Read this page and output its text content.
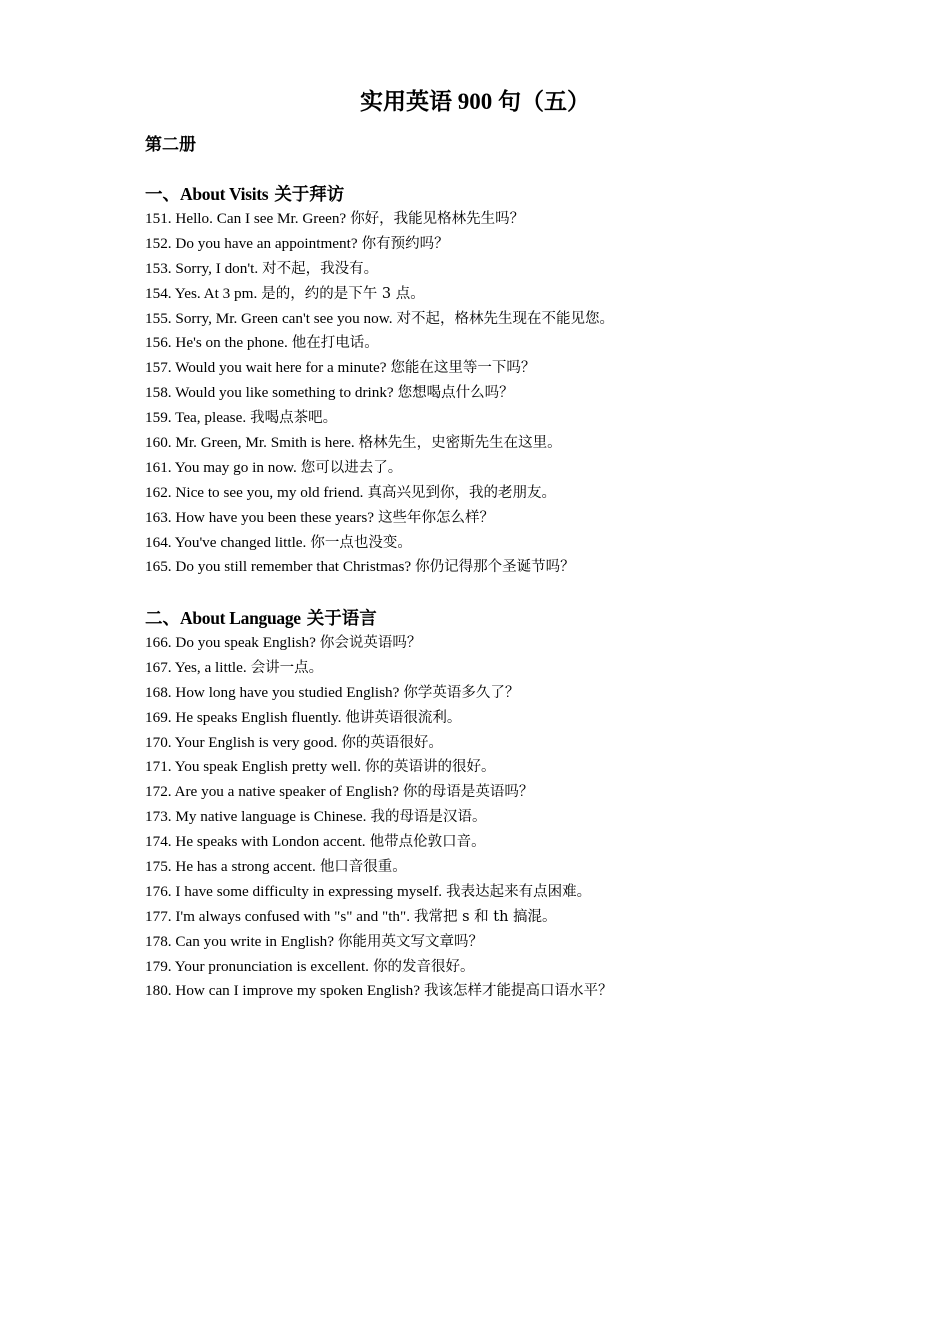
实用英语 900 句（五）
第二册
一、About Visits 关于拜访
151. Hello. Can I see Mr. Green? 你好，我能见格林先生吗？
152. Do you have an appointment? 你有预约吗？
153. Sorry, I don't. 对不起，我没有。
154. Yes. At 3 pm. 是的，约的是下午 3 点。
155. Sorry, Mr. Green can't see you now. 对不起，格林先生现在不能见您。
156. He's on the phone. 他在打电话。
157. Would you wait here for a minute? 您能在这里等一下吗？
158. Would you like something to drink? 您想喝点什么吗？
159. Tea, please. 我喝点茶吧。
160. Mr. Green, Mr. Smith is here. 格林先生，史密斯先生在这里。
161. You may go in now. 您可以进去了。
162. Nice to see you, my old friend. 真高兴见到你，我的老朋友。
163. How have you been these years? 这些年你怎么样？
164. You've changed little. 你一点也没变。
165. Do you still remember that Christmas? 你仍记得那个圣诞节吗？
二、About Language 关于语言
166. Do you speak English? 你会说英语吗？
167. Yes, a little. 会讲一点。
168. How long have you studied English? 你学英语多久了？
169. He speaks English fluently. 他讲英语很流利。
170. Your English is very good. 你的英语很好。
171. You speak English pretty well. 你的英语讲的很好。
172. Are you a native speaker of English? 你的母语是英语吗？
173. My native language is Chinese. 我的母语是汉语。
174. He speaks with London accent. 他带点伦敦口音。
175. He has a strong accent. 他口音很重。
176. I have some difficulty in expressing myself. 我表达起来有点困难。
177. I'm always confused with "s" and "th". 我常把 s 和 th 搞混。
178. Can you write in English? 你能用英文写文章吗？
179. Your pronunciation is excellent. 你的发音很好。
180. How can I improve my spoken English? 我该怎样才能提高口语水平？
